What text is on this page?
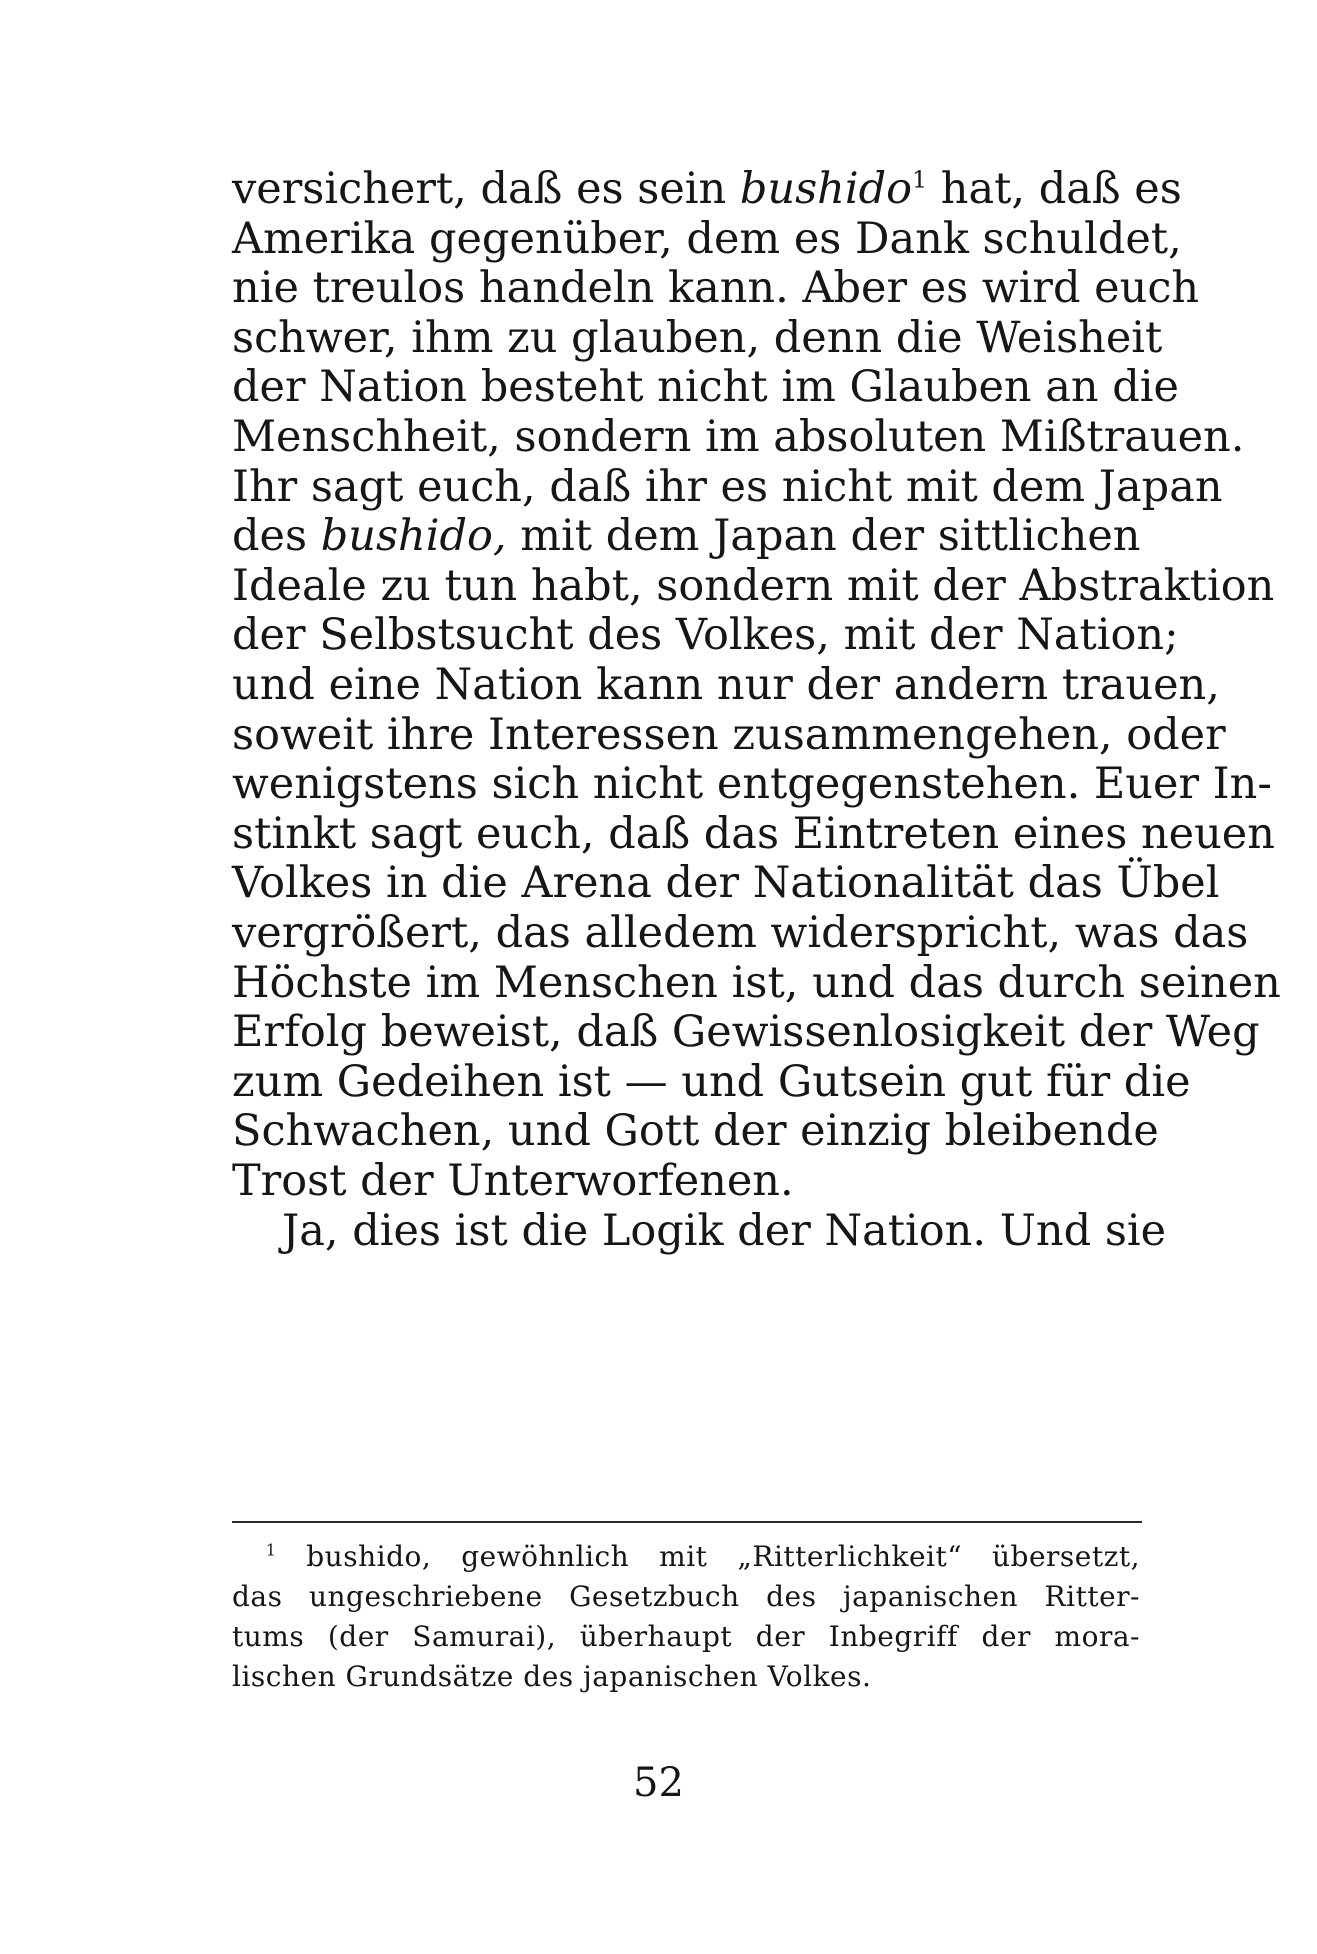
versichert, daß es sein bushido$^1$ hat, daß es
Amerika gegenüber, dem es Dank schuldet,
nie treulos handeln kann. Aber es wird euch
schwer, ihm zu glauben, denn die Weisheit
der Nation besteht nicht im Glauben an die
Menschheit, sondern im absoluten Mißtrauen.
Ihr sagt euch, daß ihr es nicht mit dem Japan
des bushido, mit dem Japan der sittlichen
Ideale zu tun habt, sondern mit der Abstraktion
der Selbstsucht des Volkes, mit der Nation;
und eine Nation kann nur der andern trauen,
soweit ihre Interessen zusammengehen, oder
wenigstens sich nicht entgegenstehen. Euer In-
stinkt sagt euch, daß das Eintreten eines neuen
Volkes in die Arena der Nationalität das Übel
vergrößert, das alledem widerspricht, was das
Höchste im Menschen ist, und das durch seinen
Erfolg beweist, daß Gewissenlosigkeit der Weg
zum Gedeihen ist — und Gutsein gut für die
Schwachen, und Gott der einzig bleibende
Trost der Unterworfenen.
Ja, dies ist die Logik der Nation. Und sie
$^1$ bushido, gewöhnlich mit „Ritterlichkeit“ übersetzt,
das ungeschriebene Gesetzbuch des japanischen Ritter-
tums (der Samurai), überhaupt der Inbegriff der mora-
lischen Grundsätze des japanischen Volkes.
52
